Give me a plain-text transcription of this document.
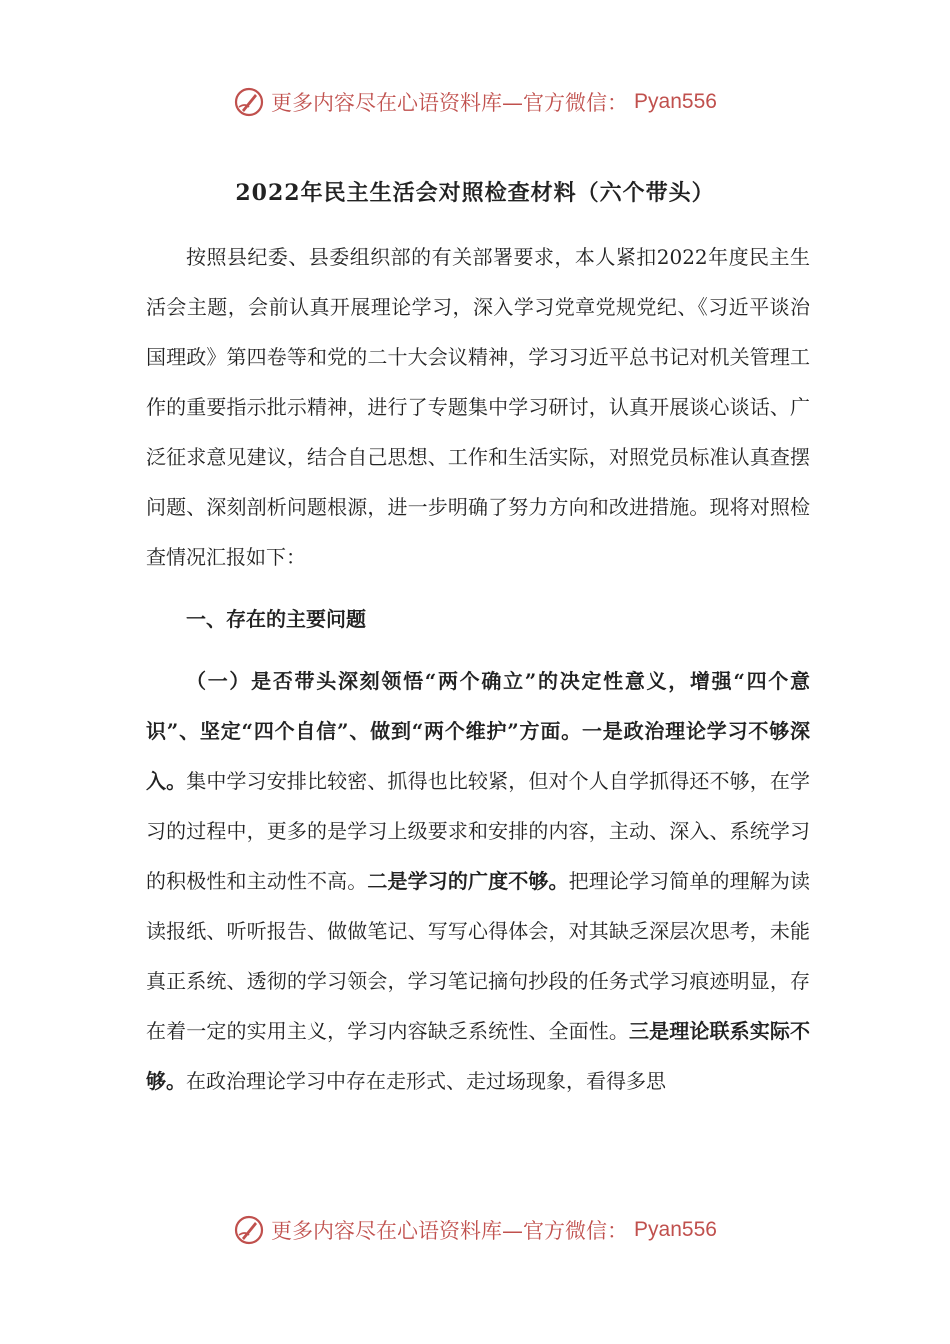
更多内容尽在心语资料库—官方微信： Pyan556
2022年民主生活会对照检查材料（六个带头）

按照县纪委、县委组织部的有关部署要求，本人紧扣2022年度民主生活会主题，会前认真开展理论学习，深入学习党章党规党纪、《习近平谈治国理政》第四卷等和党的二十大会议精神，学习习近平总书记对机关管理工作的重要指示批示精神，进行了专题集中学习研讨，认真开展谈心谈话、广泛征求意见建议，结合自己思想、工作和生活实际，对照党员标准认真查摆问题、深刻剖析问题根源，进一步明确了努力方向和改进措施。现将对照检查情况汇报如下：

一、存在的主要问题

（一）是否带头深刻领悟“两个确立”的决定性意义，增强“四个意识”、坚定“四个自信”、做到“两个维护”方面。一是政治理论学习不够深入。集中学习安排比较密、抓得也比较紧，但对个人自学抓得还不够，在学习的过程中，更多的是学习上级要求和安排的内容，主动、深入、系统学习的积极性和主动性不高。二是学习的广度不够。把理论学习简单的理解为读读报纸、听听报告、做做笔记、写写心得体会，对其缺乏深层次思考，未能真正系统、透彻的学习领会，学习笔记摘句抄段的任务式学习痕迹明显，存在着一定的实用主义，学习内容缺乏系统性、全面性。三是理论联系实际不够。在政治理论学习中存在走形式、走过场现象，看得多思

更多内容尽在心语资料库—官方微信： Pyan556
